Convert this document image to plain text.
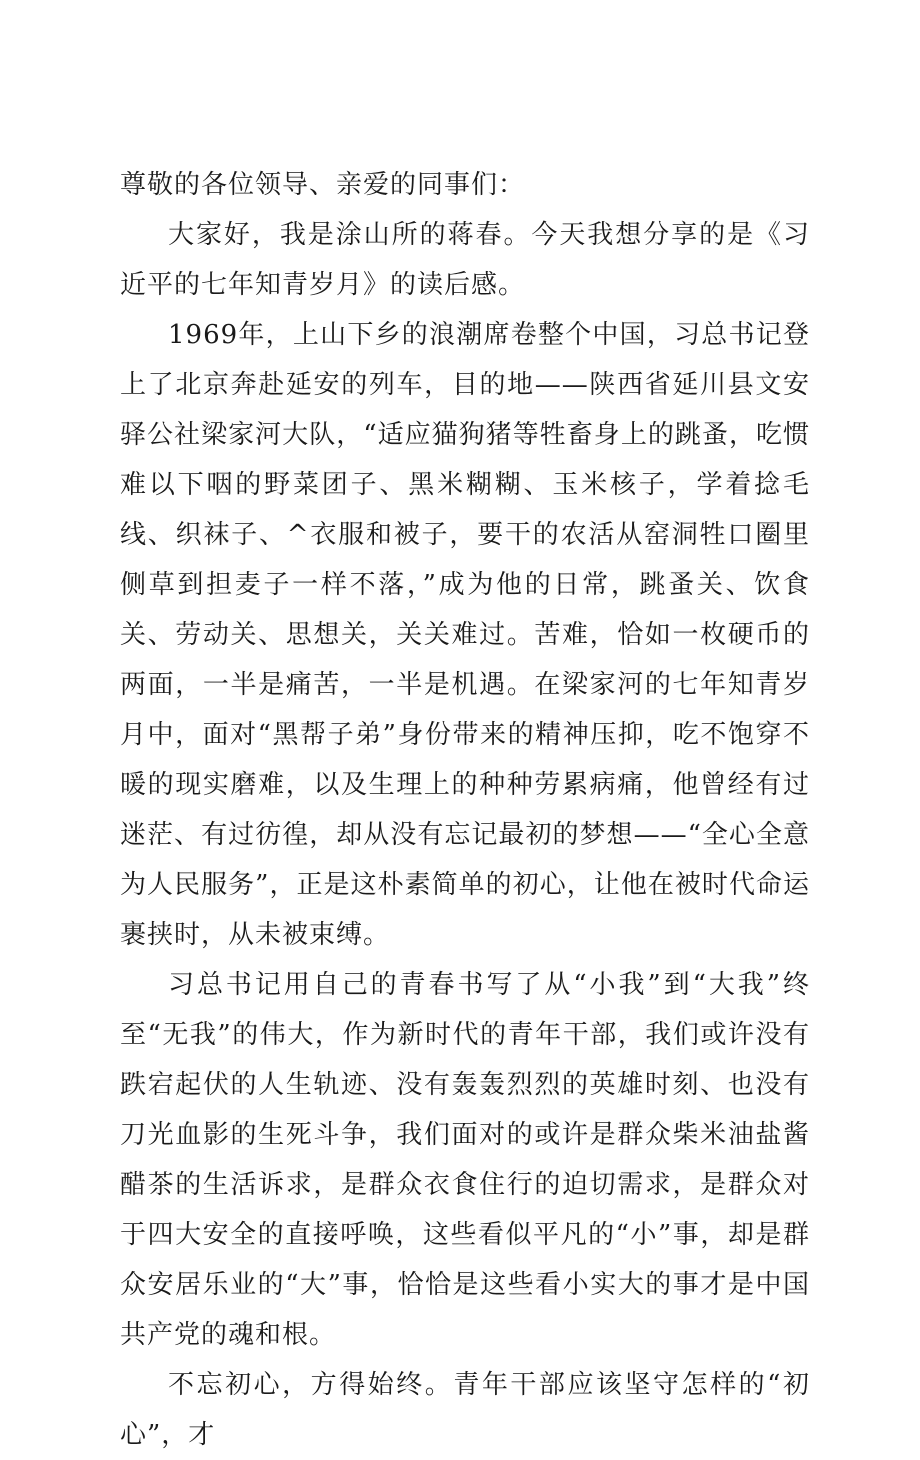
尊敬的各位领导、亲爱的同事们：

大家好，我是涂山所的蒋春。今天我想分享的是《习近平的七年知青岁月》的读后感。

1969年，上山下乡的浪潮席卷整个中国，习总书记登上了北京奔赴延安的列车，目的地——陕西省延川县文安驿公社梁家河大队，“适应猫狗猪等牲畜身上的跳蚤，吃惯难以下咽的野菜团子、黑米糊糊、玉米核子，学着捻毛线、织袜子、^衣服和被子，要干的农活从窑洞牲口圈里侧草到担麦子一样不落，”成为他的日常，跳蚤关、饮食关、劳动关、思想关，关关难过。苦难，恰如一枚硬币的两面，一半是痛苦，一半是机遇。在梁家河的七年知青岁月中，面对“黑帮子弟”身份带来的精神压抑，吃不饱穿不暖的现实磨难，以及生理上的种种劳累病痛，他曾经有过迷茫、有过彷徨，却从没有忘记最初的梦想——“全心全意为人民服务”，正是这朴素简单的初心，让他在被时代命运裹挟时，从未被束缚。

习总书记用自己的青春书写了从“小我”到“大我”终至“无我”的伟大，作为新时代的青年干部，我们或许没有跌宕起伏的人生轨迹、没有轰轰烈烈的英雄时刻、也没有刀光血影的生死斗争，我们面对的或许是群众柴米油盐酱醋茶的生活诉求，是群众衣食住行的迫切需求，是群众对于四大安全的直接呼唤，这些看似平凡的“小”事，却是群众安居乐业的“大”事，恰恰是这些看小实大的事才是中国共产党的魂和根。

不忘初心，方得始终。青年干部应该坚守怎样的“初心”，才
